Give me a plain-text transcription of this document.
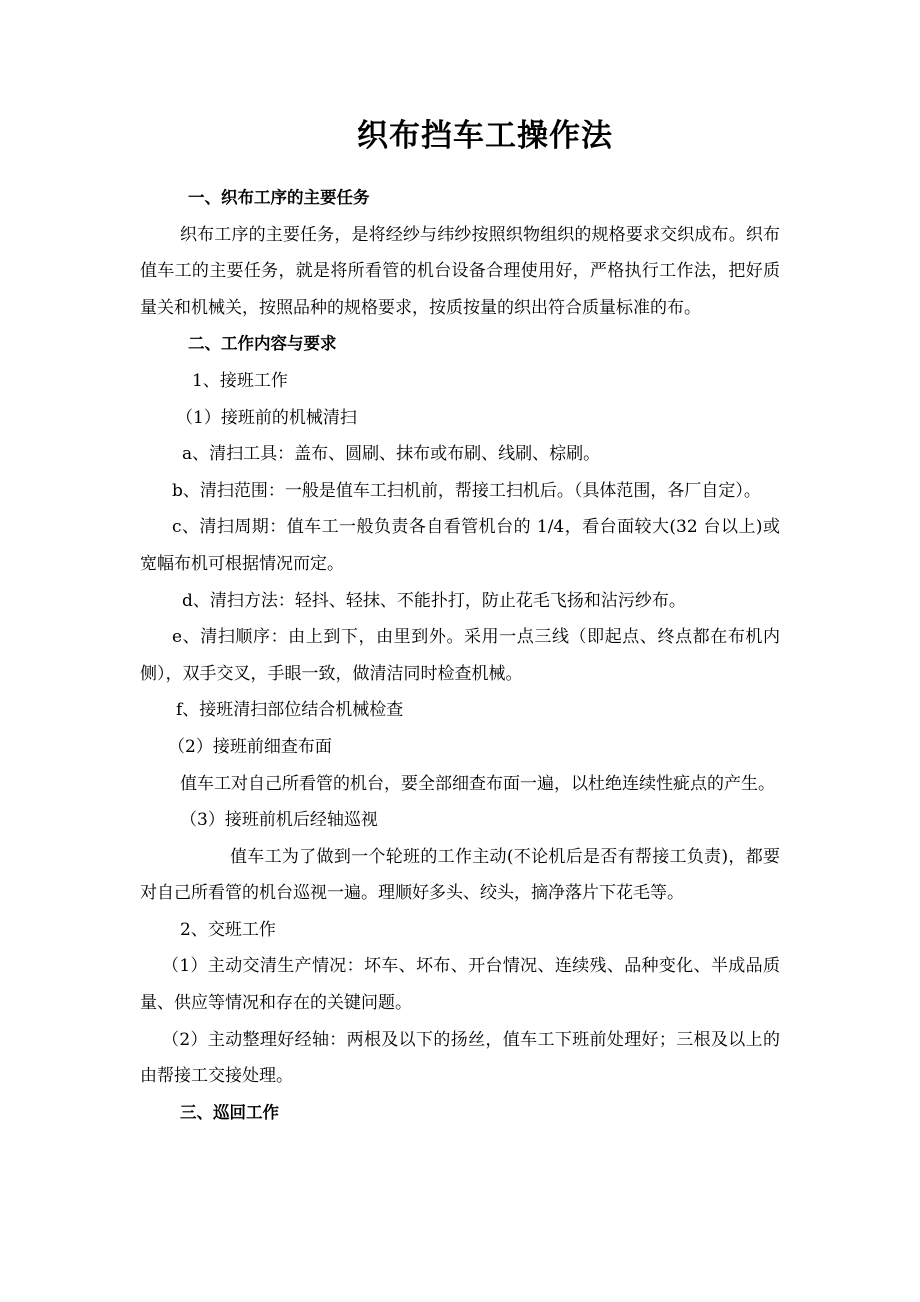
织布挡车工操作法

一、织布工序的主要任务

织布工序的主要任务，是将经纱与纬纱按照织物组织的规格要求交织成布。织布值车工的主要任务，就是将所看管的机台设备合理使用好，严格执行工作法，把好质量关和机械关，按照品种的规格要求，按质按量的织出符合质量标准的布。

二、工作内容与要求

1、接班工作

（1）接班前的机械清扫

a、清扫工具：盖布、圆刷、抹布或布刷、线刷、棕刷。

b、清扫范围：一般是值车工扫机前，帮接工扫机后。（具体范围，各厂自定）。

c、清扫周期：值车工一般负责各自看管机台的 1/4，看台面较大(32 台以上)或宽幅布机可根据情况而定。

d、清扫方法：轻抖、轻抹、不能扑打，防止花毛飞扬和沾污纱布。

e、清扫顺序：由上到下，由里到外。采用一点三线（即起点、终点都在布机内侧），双手交叉，手眼一致，做清洁同时检查机械。

f、接班清扫部位结合机械检查

（2）接班前细查布面

值车工对自己所看管的机台，要全部细查布面一遍，以杜绝连续性疵点的产生。

（3）接班前机后经轴巡视

值车工为了做到一个轮班的工作主动(不论机后是否有帮接工负责)，都要对自己所看管的机台巡视一遍。理顺好多头、绞头，摘净落片下花毛等。

2、交班工作

（1）主动交清生产情况：坏车、坏布、开台情况、连续残、品种变化、半成品质量、供应等情况和存在的关键问题。

（2）主动整理好经轴：两根及以下的扬丝，值车工下班前处理好；三根及以上的由帮接工交接处理。

三、巡回工作
